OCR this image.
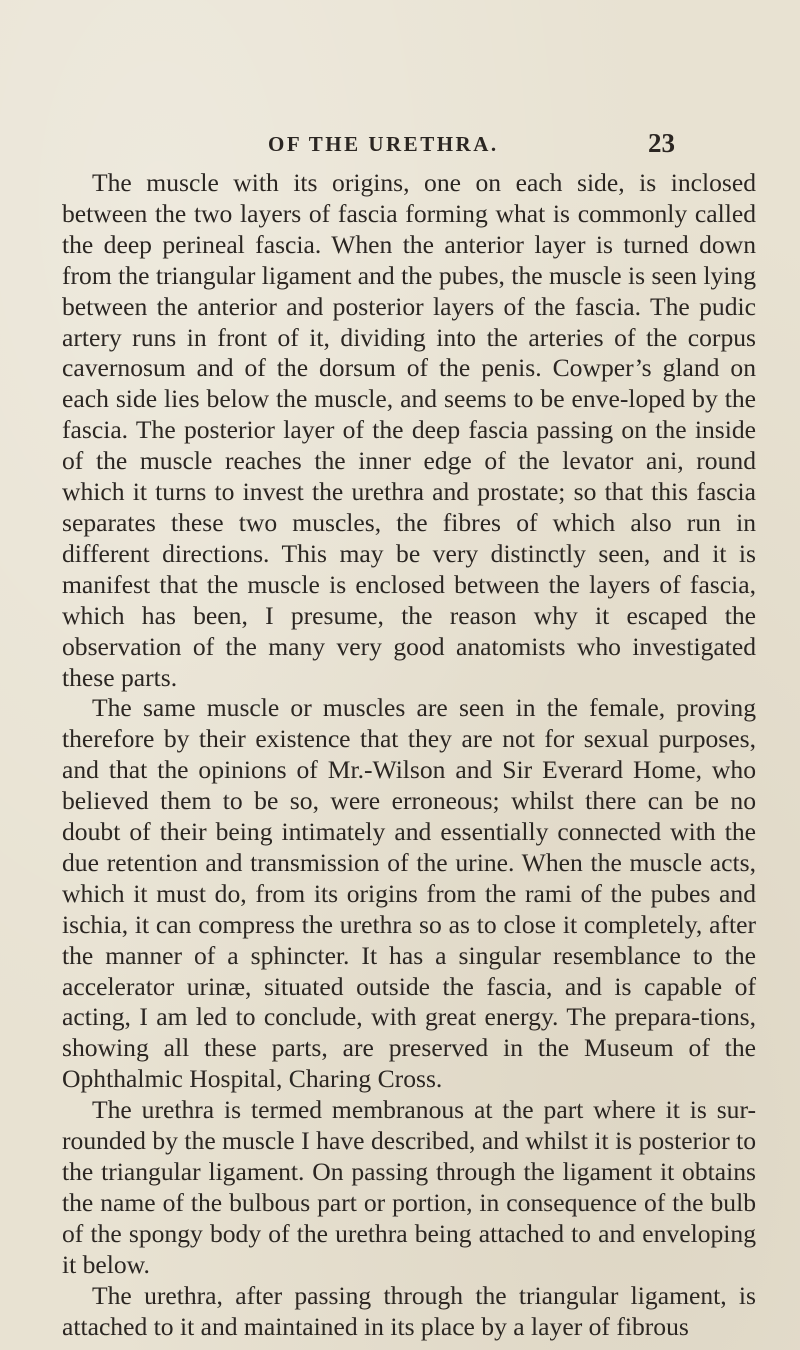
OF THE URETHRA.	23

The muscle with its origins, one on each side, is inclosed between the two layers of fascia forming what is commonly called the deep perineal fascia. When the anterior layer is turned down from the triangular ligament and the pubes, the muscle is seen lying between the anterior and posterior layers of the fascia. The pudic artery runs in front of it, dividing into the arteries of the corpus cavernosum and of the dorsum of the penis. Cowper’s gland on each side lies below the muscle, and seems to be enve-loped by the fascia. The posterior layer of the deep fascia passing on the inside of the muscle reaches the inner edge of the levator ani, round which it turns to invest the urethra and prostate; so that this fascia separates these two muscles, the fibres of which also run in different directions. This may be very distinctly seen, and it is manifest that the muscle is enclosed between the layers of fascia, which has been, I presume, the reason why it escaped the observation of the many very good anatomists who investigated these parts.

The same muscle or muscles are seen in the female, proving therefore by their existence that they are not for sexual purposes, and that the opinions of Mr.-Wilson and Sir Everard Home, who believed them to be so, were erroneous; whilst there can be no doubt of their being intimately and essentially connected with the due retention and transmission of the urine. When the muscle acts, which it must do, from its origins from the rami of the pubes and ischia, it can compress the urethra so as to close it completely, after the manner of a sphincter. It has a singular resemblance to the accelerator urinæ, situated outside the fascia, and is capable of acting, I am led to conclude, with great energy. The prepara-tions, showing all these parts, are preserved in the Museum of the Ophthalmic Hospital, Charing Cross.

The urethra is termed membranous at the part where it is sur-rounded by the muscle I have described, and whilst it is posterior to the triangular ligament. On passing through the ligament it obtains the name of the bulbous part or portion, in consequence of the bulb of the spongy body of the urethra being attached to and enveloping it below.

The urethra, after passing through the triangular ligament, is attached to it and maintained in its place by a layer of fibrous
